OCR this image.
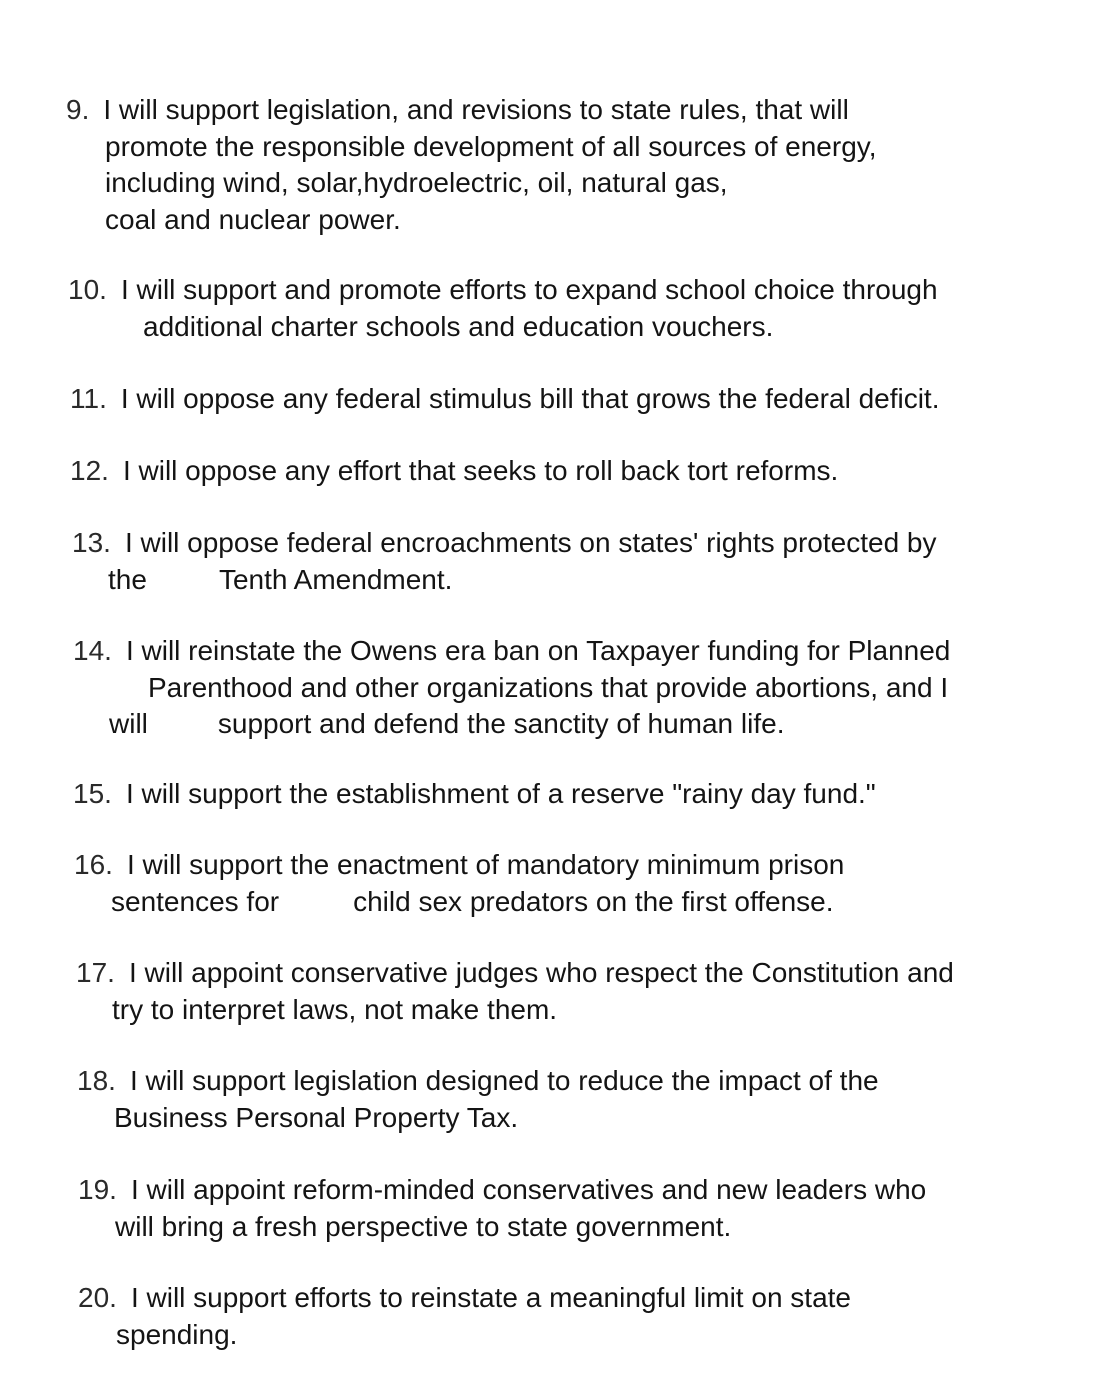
9. I will support legislation, and revisions to state rules, that will
promote the responsible development of all sources of energy,
including wind, solar,hydroelectric, oil, natural gas,
coal and nuclear power.
10. I will support and promote efforts to expand school choice through
additional charter schools and education vouchers.
11. I will oppose any federal stimulus bill that grows the federal deficit.
12. I will oppose any effort that seeks to roll back tort reforms.
13. I will oppose federal encroachments on states' rights protected by
the	Tenth Amendment.
14. I will reinstate the Owens era ban on Taxpayer funding for Planned
Parenthood and other organizations that provide abortions, and I
will	support and defend the sanctity of human life.
15. I will support the establishment of a reserve "rainy day fund."
16. I will support the enactment of mandatory minimum prison
sentences for	child sex predators on the first offense.
17. I will appoint conservative judges who respect the Constitution and
try to interpret laws, not make them.
18. I will support legislation designed to reduce the impact of the
Business Personal Property Tax.
19. I will appoint reform-minded conservatives and new leaders who
will bring a fresh perspective to state government.
20. I will support efforts to reinstate a meaningful limit on state
spending.
